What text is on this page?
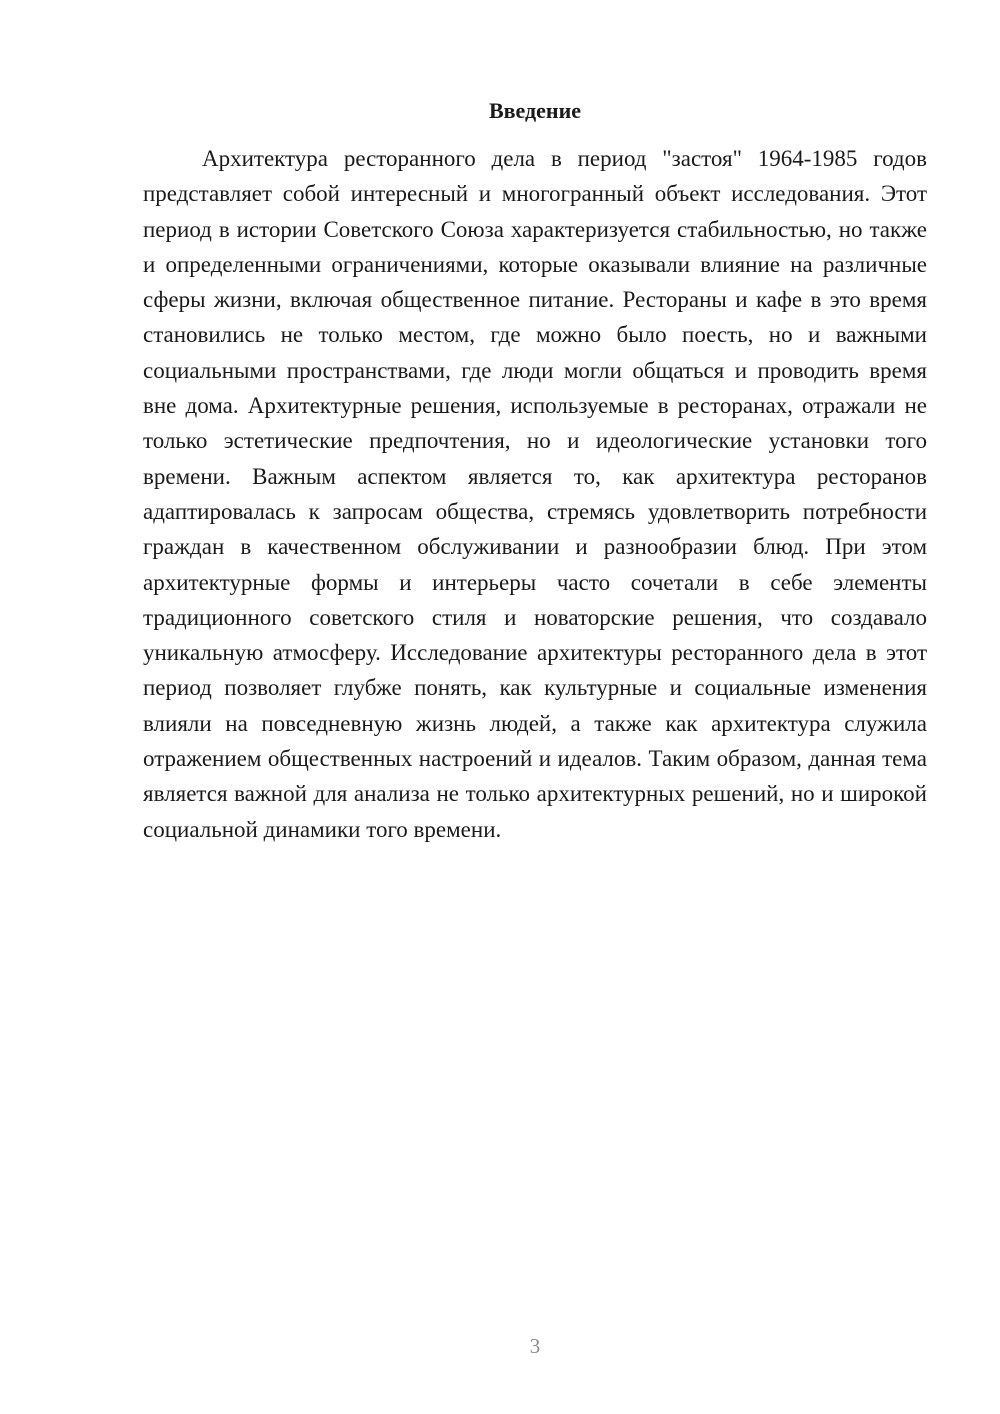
Введение

Архитектура ресторанного дела в период "застоя" 1964-1985 годов представляет собой интересный и многогранный объект исследования. Этот период в истории Советского Союза характеризуется стабильностью, но также и определенными ограничениями, которые оказывали влияние на различные сферы жизни, включая общественное питание. Рестораны и кафе в это время становились не только местом, где можно было поесть, но и важными социальными пространствами, где люди могли общаться и проводить время вне дома. Архитектурные решения, используемые в ресторанах, отражали не только эстетические предпочтения, но и идеологические установки того времени. Важным аспектом является то, как архитектура ресторанов адаптировалась к запросам общества, стремясь удовлетворить потребности граждан в качественном обслуживании и разнообразии блюд. При этом архитектурные формы и интерьеры часто сочетали в себе элементы традиционного советского стиля и новаторские решения, что создавало уникальную атмосферу. Исследование архитектуры ресторанного дела в этот период позволяет глубже понять, как культурные и социальные изменения влияли на повседневную жизнь людей, а также как архитектура служила отражением общественных настроений и идеалов. Таким образом, данная тема является важной для анализа не только архитектурных решений, но и широкой социальной динамики того времени.

3
